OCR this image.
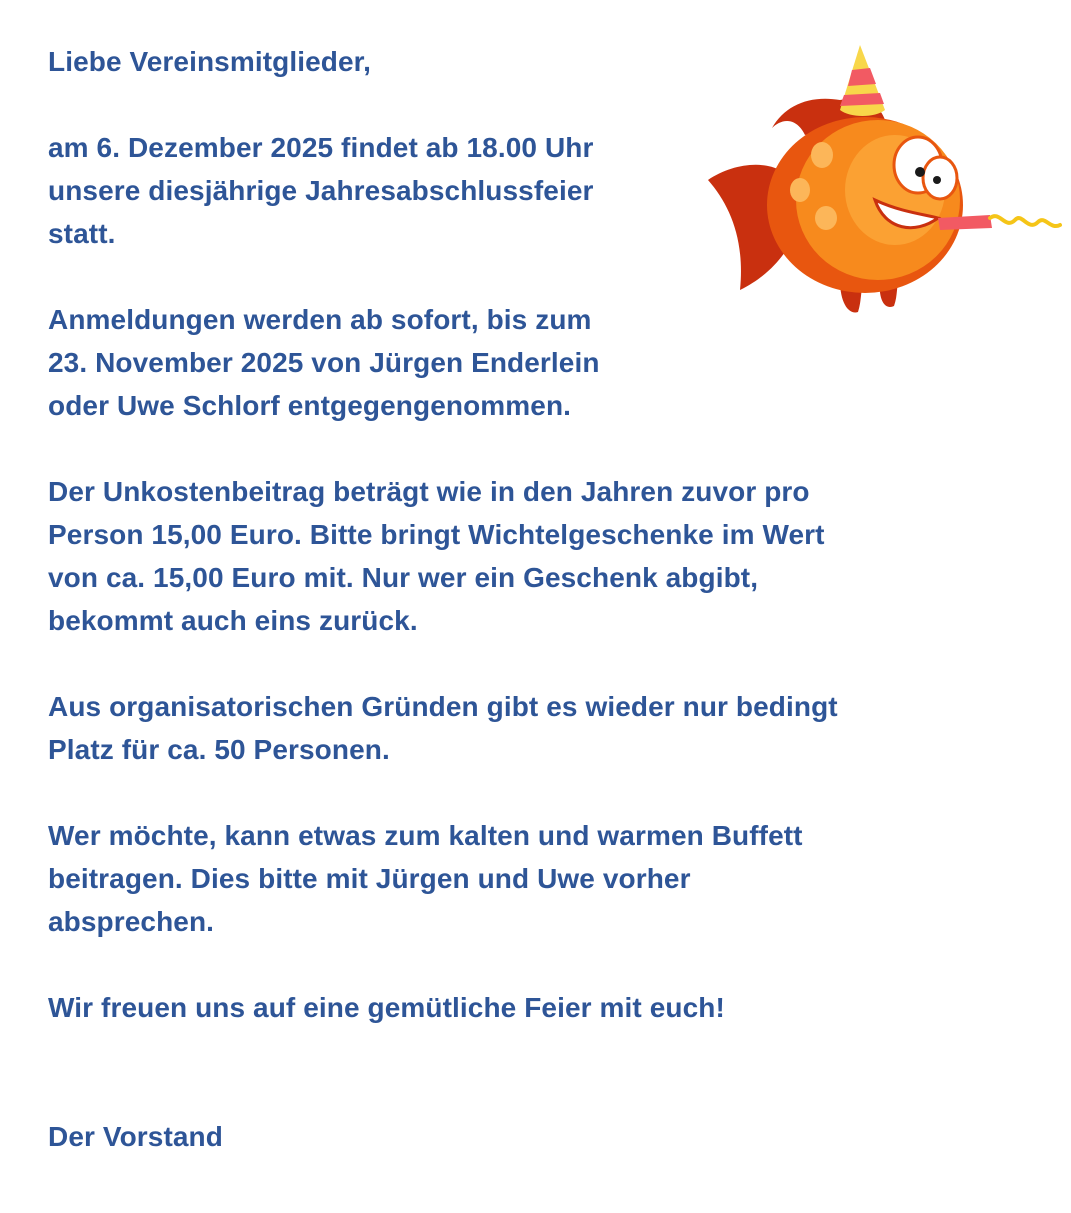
Liebe Vereinsmitglieder,

am 6. Dezember 2025 findet ab 18.00 Uhr
unsere diesjährige Jahresabschlussfeier
statt.

Anmeldungen werden ab sofort, bis zum
23. November 2025 von Jürgen Enderlein
oder Uwe Schlorf entgegengenommen.

Der Unkostenbeitrag beträgt wie in den Jahren zuvor pro
Person 15,00 Euro. Bitte bringt Wichtelgeschenke im Wert
von ca. 15,00 Euro mit. Nur wer ein Geschenk abgibt,
bekommt auch eins zurück.

Aus organisatorischen Gründen gibt es wieder nur bedingt
Platz für ca. 50 Personen.

Wer möchte, kann etwas zum kalten und warmen Buffett
beitragen. Dies bitte mit Jürgen und Uwe vorher
absprechen.

Wir freuen uns auf eine gemütliche Feier mit euch!

Der Vorstand
